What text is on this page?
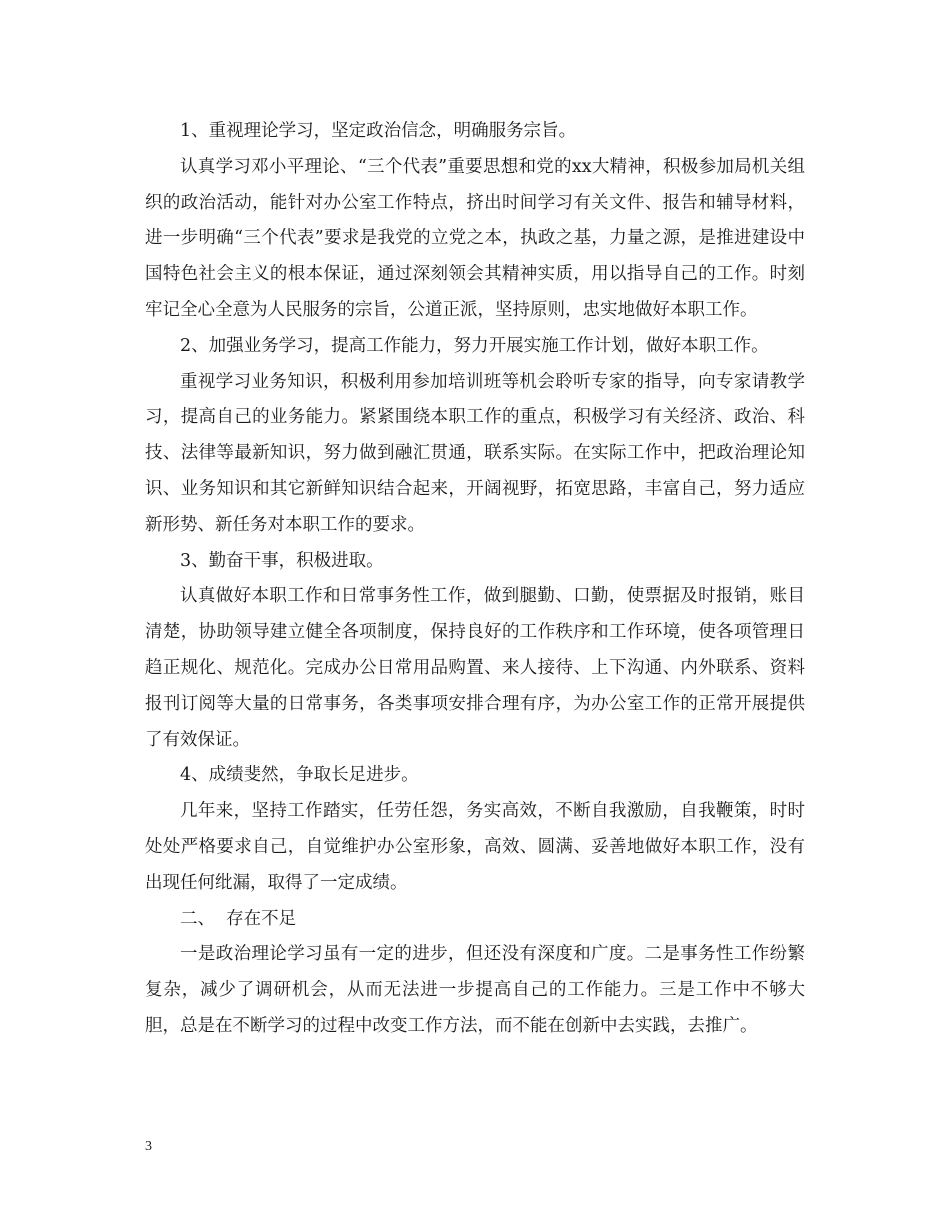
1、重视理论学习，坚定政治信念，明确服务宗旨。

认真学习邓小平理论、“三个代表”重要思想和党的xx大精神，积极参加局机关组织的政治活动，能针对办公室工作特点，挤出时间学习有关文件、报告和辅导材料，进一步明确“三个代表”要求是我党的立党之本，执政之基，力量之源，是推进建设中国特色社会主义的根本保证，通过深刻领会其精神实质，用以指导自己的工作。时刻牢记全心全意为人民服务的宗旨，公道正派，坚持原则，忠实地做好本职工作。

2、加强业务学习，提高工作能力，努力开展实施工作计划，做好本职工作。

重视学习业务知识，积极利用参加培训班等机会聆听专家的指导，向专家请教学习，提高自己的业务能力。紧紧围绕本职工作的重点，积极学习有关经济、政治、科技、法律等最新知识，努力做到融汇贯通，联系实际。在实际工作中，把政治理论知识、业务知识和其它新鲜知识结合起来，开阔视野，拓宽思路，丰富自己，努力适应新形势、新任务对本职工作的要求。

3、勤奋干事，积极进取。

认真做好本职工作和日常事务性工作，做到腿勤、口勤，使票据及时报销，账目清楚，协助领导建立健全各项制度，保持良好的工作秩序和工作环境，使各项管理日趋正规化、规范化。完成办公日常用品购置、来人接待、上下沟通、内外联系、资料报刊订阅等大量的日常事务，各类事项安排合理有序，为办公室工作的正常开展提供了有效保证。

4、成绩斐然，争取长足进步。

几年来，坚持工作踏实，任劳任怨，务实高效，不断自我激励，自我鞭策，时时处处严格要求自己，自觉维护办公室形象，高效、圆满、妥善地做好本职工作，没有出现任何纰漏，取得了一定成绩。

二、  存在不足

一是政治理论学习虽有一定的进步，但还没有深度和广度。二是事务性工作纷繁复杂，减少了调研机会，从而无法进一步提高自己的工作能力。三是工作中不够大胆，总是在不断学习的过程中改变工作方法，而不能在创新中去实践，去推广。

3
